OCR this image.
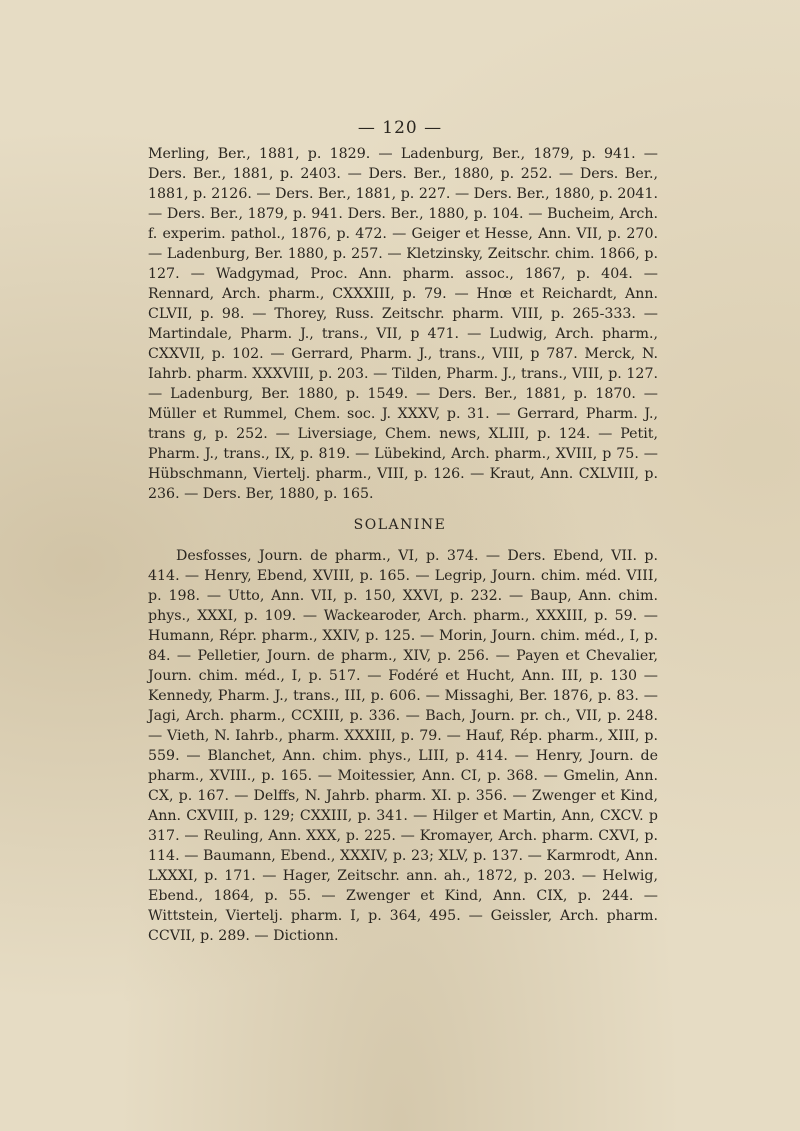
— 120 —

Merling, Ber., 1881, p. 1829. — Ladenburg, Ber., 1879, p. 941. — Ders. Ber., 1881, p. 2403. — Ders. Ber., 1880, p. 252. — Ders. Ber., 1881, p. 2126. — Ders. Ber., 1881, p. 227. — Ders. Ber., 1880, p. 2041. — Ders. Ber., 1879, p. 941. Ders. Ber., 1880, p. 104. — Bucheim, Arch. f. experim. pathol., 1876, p. 472. — Geiger et Hesse, Ann. VII, p. 270. — Ladenburg, Ber. 1880, p. 257. — Kletzinsky, Zeitschr. chim. 1866, p. 127. — Wadgymad, Proc. Ann. pharm. assoc., 1867, p. 404. — Rennard, Arch. pharm., CXXXIII, p. 79. — Hnœ et Reichardt, Ann. CLVII, p. 98. — Thorey, Russ. Zeitschr. pharm. VIII, p. 265-333. — Martindale, Pharm. J., trans., VII, p 471. — Ludwig, Arch. pharm., CXXVII, p. 102. — Gerrard, Pharm. J., trans., VIII, p 787. Merck, N. Iahrb. pharm. XXXVIII, p. 203. — Tilden, Pharm. J., trans., VIII, p. 127. — Ladenburg, Ber. 1880, p. 1549. — Ders. Ber., 1881, p. 1870. — Müller et Rummel, Chem. soc. J. XXXV, p. 31. — Gerrard, Pharm. J., trans g, p. 252. — Liversiage, Chem. news, XLIII, p. 124. — Petit, Pharm. J., trans., IX, p. 819. — Lübekind, Arch. pharm., XVIII, p 75. — Hübschmann, Viertelj. pharm., VIII, p. 126. — Kraut, Ann. CXLVIII, p. 236. — Ders. Ber, 1880, p. 165.

SOLANINE

Desfosses, Journ. de pharm., VI, p. 374. — Ders. Ebend, VII. p. 414. — Henry, Ebend, XVIII, p. 165. — Legrip, Journ. chim. méd. VIII, p. 198. — Utto, Ann. VII, p. 150, XXVI, p. 232. — Baup, Ann. chim. phys., XXXI, p. 109. — Wackearoder, Arch. pharm., XXXIII, p. 59. — Humann, Répr. pharm., XXIV, p. 125. — Morin, Journ. chim. méd., I, p. 84. — Pelletier, Journ. de pharm., XIV, p. 256. — Payen et Chevalier, Journ. chim. méd., I, p. 517. — Fodéré et Hucht, Ann. III, p. 130 — Kennedy, Pharm. J., trans., III, p. 606. — Missaghi, Ber. 1876, p. 83. — Jagi, Arch. pharm., CCXIII, p. 336. — Bach, Journ. pr. ch., VII, p. 248. — Vieth, N. Iahrb., pharm. XXXIII, p. 79. — Hauf, Rép. pharm., XIII, p. 559. — Blanchet, Ann. chim. phys., LIII, p. 414. — Henry, Journ. de pharm., XVIII., p. 165. — Moitessier, Ann. CI, p. 368. — Gmelin, Ann. CX, p. 167. — Delffs, N. Jahrb. pharm. XI. p. 356. — Zwenger et Kind, Ann. CXVIII, p. 129; CXXIII, p. 341. — Hilger et Martin, Ann, CXCV. p 317. — Reuling, Ann. XXX, p. 225. — Kromayer, Arch. pharm. CXVI, p. 114. — Baumann, Ebend., XXXIV, p. 23; XLV, p. 137. — Karmrodt, Ann. LXXXI, p. 171. — Hager, Zeitschr. ann. ah., 1872, p. 203. — Helwig, Ebend., 1864, p. 55. — Zwenger et Kind, Ann. CIX, p. 244. — Wittstein, Viertelj. pharm. I, p. 364, 495. — Geissler, Arch. pharm. CCVII, p. 289. — Dictionn.
